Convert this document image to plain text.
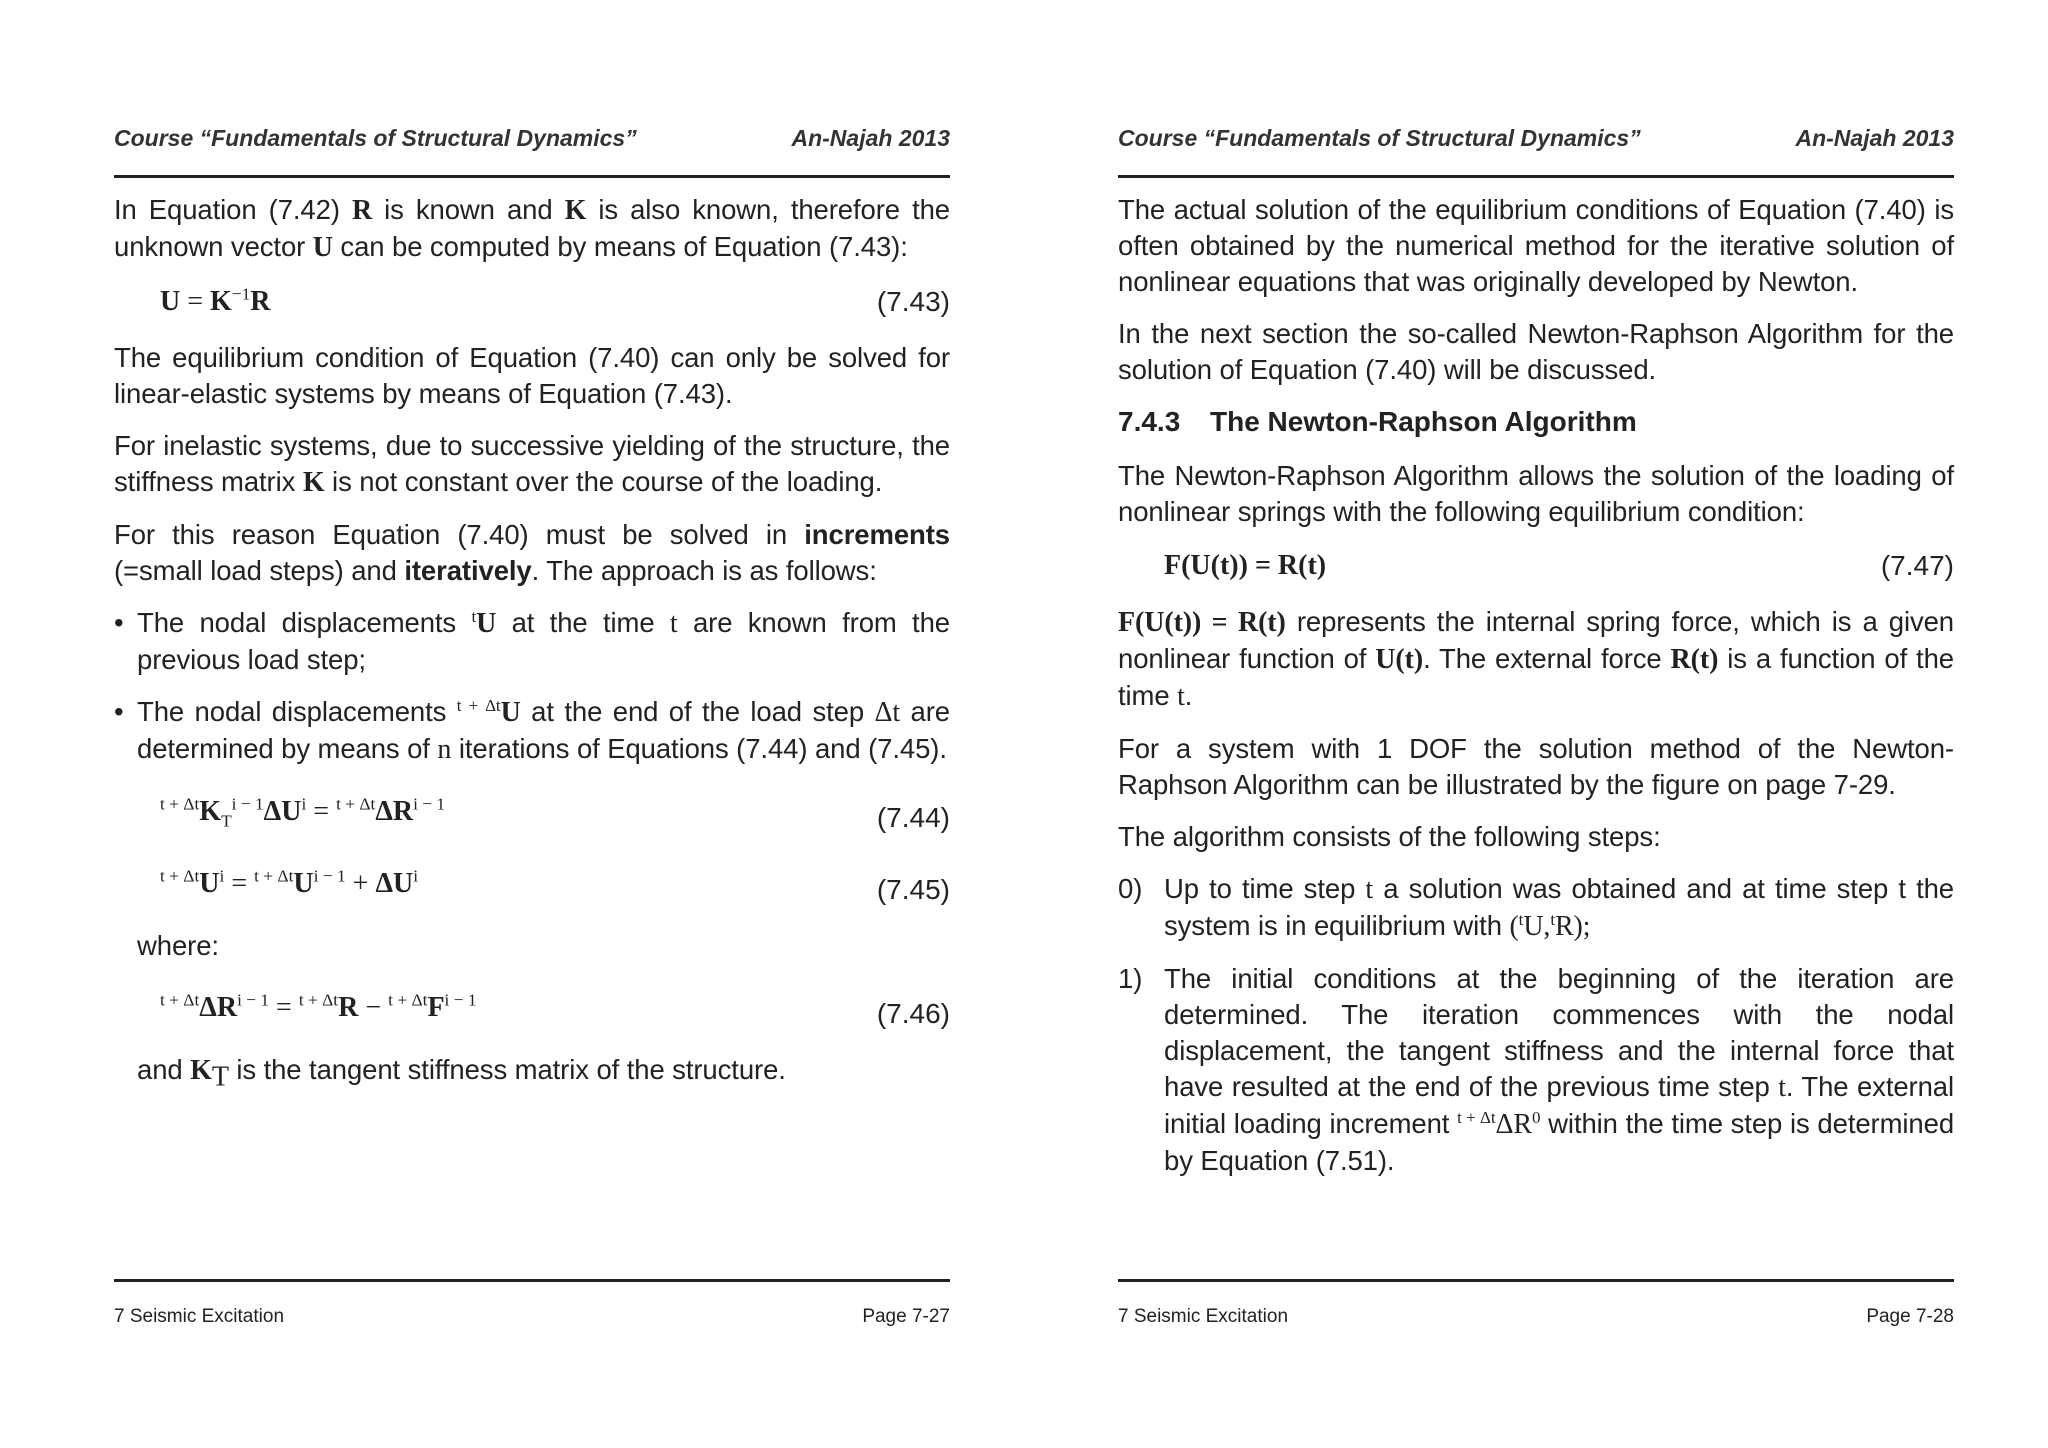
Course “Fundamentals of Structural Dynamics”	An-Najah 2013

In Equation (7.42) R is known and K is also known, therefore the unknown vector U can be computed by means of Equation (7.43):

$U = K^{-1}R$	(7.43)

The equilibrium condition of Equation (7.40) can only be solved for linear-elastic systems by means of Equation (7.43).

For inelastic systems, due to successive yielding of the structure, the stiffness matrix K is not constant over the course of the loading.

For this reason Equation (7.40) must be solved in increments (=small load steps) and iteratively. The approach is as follows:

• The nodal displacements $^t$U at the time t are known from the previous load step;

• The nodal displacements $^{t + \Delta t}$U at the end of the load step Δt are determined by means of n iterations of Equations (7.44) and (7.45).

$^{t + \Delta t}K_T^{i - 1}\Delta U^i = ^{t + \Delta t}\Delta R^{i - 1}$	(7.44)
$^{t + \Delta t}U^i = ^{t + \Delta t}U^{i - 1} + \Delta U^i$	(7.45)

where:

$^{t + \Delta t}\Delta R^{i - 1} = ^{t + \Delta t}R - ^{t + \Delta t}F^{i - 1}$	(7.46)

and $K_T$ is the tangent stiffness matrix of the structure.

7 Seismic Excitation	Page 7-27
Course “Fundamentals of Structural Dynamics”	An-Najah 2013

The actual solution of the equilibrium conditions of Equation (7.40) is often obtained by the numerical method for the iterative solution of nonlinear equations that was originally developed by Newton.

In the next section the so-called Newton-Raphson Algorithm for the solution of Equation (7.40) will be discussed.

7.4.3 The Newton-Raphson Algorithm

The Newton-Raphson Algorithm allows the solution of the loading of nonlinear springs with the following equilibrium condition:

F(U(t)) = R(t)	(7.47)

F(U(t)) = R(t) represents the internal spring force, which is a given nonlinear function of U(t). The external force R(t) is a function of the time t.

For a system with 1 DOF the solution method of the Newton-Raphson Algorithm can be illustrated by the figure on page 7-29.

The algorithm consists of the following steps:

0) Up to time step t a solution was obtained and at time step t the system is in equilibrium with ($^t$U,$^t$R);

1) The initial conditions at the beginning of the iteration are determined. The iteration commences with the nodal displacement, the tangent stiffness and the internal force that have resulted at the end of the previous time step t. The external initial loading increment $^{t + \Delta t}\Delta R^0$ within the time step is determined by Equation (7.51).

7 Seismic Excitation	Page 7-28
